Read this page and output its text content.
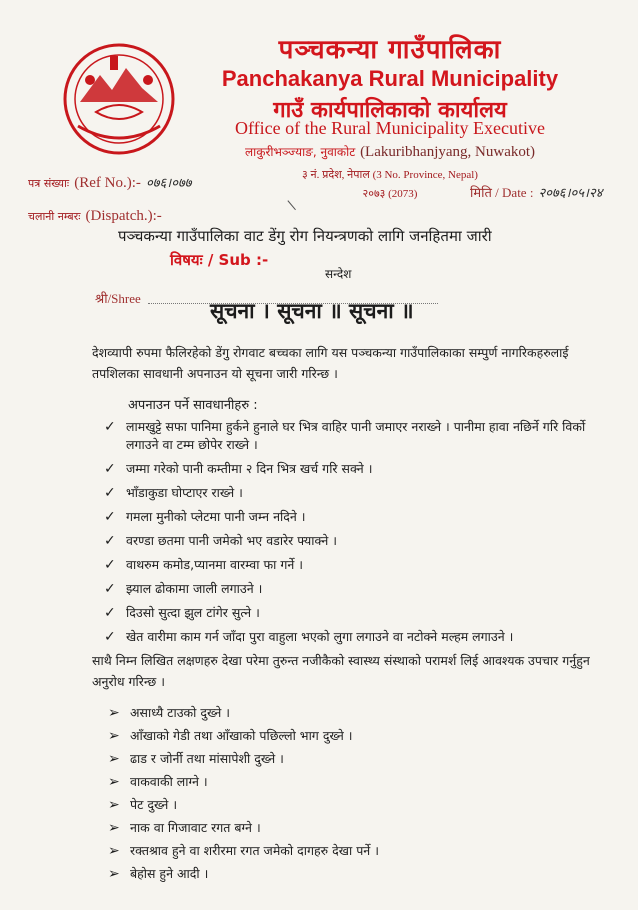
पञ्चकन्या गाउँपालिका
Panchakanya Rural Municipality
गाउँ कार्यपालिकाको कार्यालय
Office of the Rural Municipality Executive
लाकुरीभञ्ज्याङ, नुवाकोट (Lakuribhanjyang, Nuwakot)
३ नं. प्रदेश, नेपाल (3 No. Province, Nepal)
२०७३ (2073)
पत्र संख्याः (Ref No.):- ०७६।०७७
मिति / Date : २०७६।०५।२४
चलानी नम्बरः (Dispatch.):-
पञ्चकन्या गाउँपालिका वाट डेंगु रोग नियन्त्रणको लागि जनहितमा जारी
विषयः / Sub :-
सन्देश
श्री/Shree
सूचना । सूचना ॥ सूचना ॥
देशव्यापी रुपमा फैलिरहेको डेंगु रोगवाट बच्चका लागि यस पञ्चकन्या गाउँपालिकाका सम्पुर्ण नागरिकहरुलाई तपशिलका सावधानी अपनाउन यो सूचना जारी गरिन्छ ।
अपनाउन पर्ने सावधानीहरु :
✓ लामखुट्टे सफा पानिमा हुर्कने हुनाले घर भित्र वाहिर पानी जमाएर नराख्ने । पानीमा हावा नछिर्ने गरि विर्को लगाउने वा टम्म छोपेर राख्ने ।
✓ जम्मा गरेको पानी कम्तीमा २ दिन भित्र खर्च गरि सक्ने ।
✓ भाँडाकुडा घोप्टाएर राख्ने ।
✓ गमला मुनीको प्लेटमा पानी जम्न नदिने ।
✓ वरण्डा छतमा पानी जमेको भए वडारेर फ्याक्ने ।
✓ वाथरुम कमोड,प्यानमा वारम्वा फा गर्ने ।
✓ झ्याल ढोकामा जाली लगाउने ।
✓ दिउसो सुत्दा झुल टांगेर सुत्ने ।
✓ खेत वारीमा काम गर्न जाँदा पुरा वाहुला भएको लुगा लगाउने वा नटोक्ने मल्हम लगाउने ।
साथै निम्न लिखित लक्षणहरु देखा परेमा तुरुन्त नजीकैको स्वास्थ्य संस्थाको परामर्श लिई आवश्यक उपचार गर्नुहुन अनुरोध गरिन्छ ।
➢ असाध्यै टाउको दुख्ने ।
➢ आँखाको गेडी तथा आँखाको पछिल्लो भाग दुख्ने ।
➢ ढाड र जोर्नी तथा मांसापेशी दुख्ने ।
➢ वाकवाकी लाग्ने ।
➢ पेट दुख्ने ।
➢ नाक वा गिजावाट रगत बग्ने ।
➢ रक्तश्राव हुने वा शरीरमा रगत जमेको दागहरु देखा पर्ने ।
➢ बेहोस हुने आदी ।
